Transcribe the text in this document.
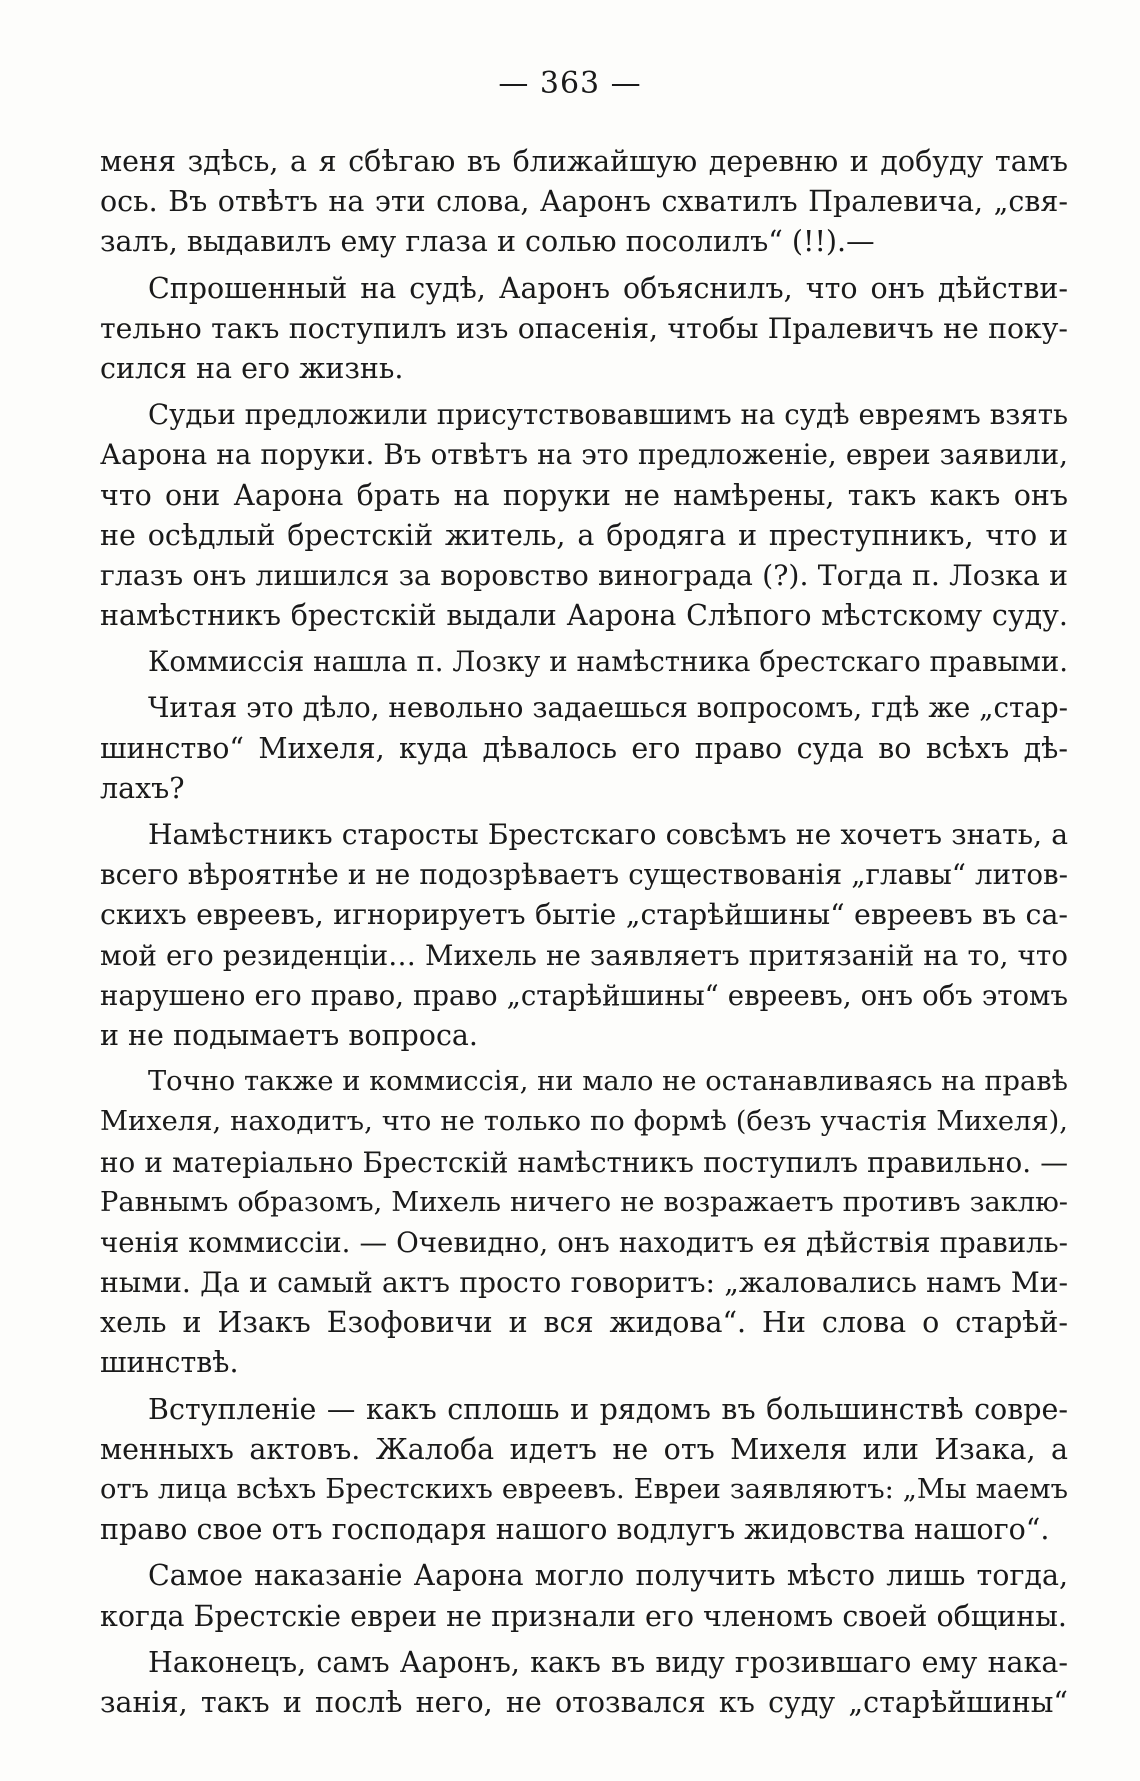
— 363 —
меня здѣсь, а я сбѣгаю въ ближайшую деревню и добуду тамъ
ось. Въ отвѣтъ на эти слова, Ааронъ схватилъ Пралевича, „свя-
залъ, выдавилъ ему глаза и солью посолилъ“ (!!).—
Спрошенный на судѣ, Ааронъ объяснилъ, что онъ дѣйстви-
тельно такъ поступилъ изъ опасенія, чтобы Пралевичъ не поку-
сился на его жизнь.
Судьи предложили присутствовавшимъ на судѣ евреямъ взять
Аарона на поруки. Въ отвѣтъ на это предложеніе, евреи заявили,
что они Аарона брать на поруки не намѣрены, такъ какъ онъ
не осѣдлый брестскій житель, а бродяга и преступникъ, что и
глазъ онъ лишился за воровство винограда (?). Тогда п. Лозка и
намѣстникъ брестскій выдали Аарона Слѣпого мѣстскому суду.
Коммиссія нашла п. Лозку и намѣстника брестскаго правыми.
Читая это дѣло, невольно задаешься вопросомъ, гдѣ же „стар-
шинство“ Михеля, куда дѣвалось его право суда во всѣхъ дѣ-
лахъ?
Намѣстникъ старосты Брестскаго совсѣмъ не хочетъ знать, а
всего вѣроятнѣе и не подозрѣваетъ существованія „главы“ литов-
скихъ евреевъ, игнорируетъ бытіе „старѣйшины“ евреевъ въ са-
мой его резиденціи… Михель не заявляетъ притязаній на то, что
нарушено его право, право „старѣйшины“ евреевъ, онъ объ этомъ
и не подымаетъ вопроса.
Точно также и коммиссія, ни мало не останавливаясь на правѣ
Михеля, находитъ, что не только по формѣ (безъ участія Михеля),
но и матеріально Брестскій намѣстникъ поступилъ правильно. —
Равнымъ образомъ, Михель ничего не возражаетъ противъ заклю-
ченія коммиссіи. — Очевидно, онъ находитъ ея дѣйствія правиль-
ными. Да и самый актъ просто говоритъ: „жаловались намъ Ми-
хель и Изакъ Езофовичи и вся жидова“. Ни слова о старѣй-
шинствѣ.
Вступленіе — какъ сплошь и рядомъ въ большинствѣ совре-
менныхъ актовъ. Жалоба идетъ не отъ Михеля или Изака, а
отъ лица всѣхъ Брестскихъ евреевъ. Евреи заявляютъ: „Мы маемъ
право свое отъ господаря нашого водлугъ жидовства нашого“.
Самое наказаніе Аарона могло получить мѣсто лишь тогда,
когда Брестскіе евреи не признали его членомъ своей общины.
Наконецъ, самъ Ааронъ, какъ въ виду грозившаго ему нака-
занія, такъ и послѣ него, не отозвался къ суду „старѣйшины“
